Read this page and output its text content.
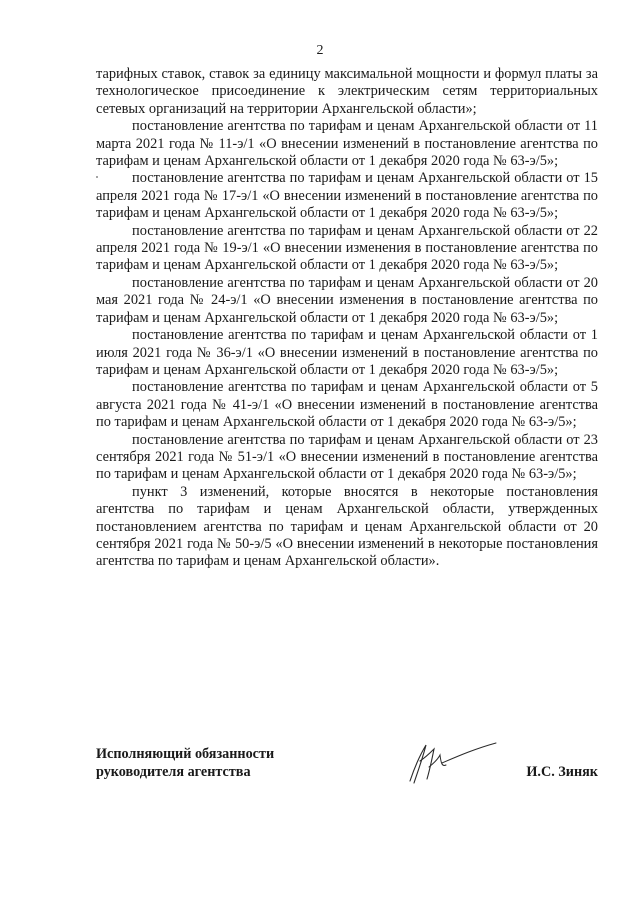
2

тарифных ставок, ставок за единицу максимальной мощности и формул платы за технологическое присоединение к электрическим сетям территориальных сетевых организаций на территории Архангельской области»;

постановление агентства по тарифам и ценам Архангельской области от 11 марта 2021 года № 11-э/1 «О внесении изменений в постановление агентства по тарифам и ценам Архангельской области от 1 декабря 2020 года № 63-э/5»;

постановление агентства по тарифам и ценам Архангельской области от 15 апреля 2021 года № 17-э/1 «О внесении изменений в постановление агентства по тарифам и ценам Архангельской области от 1 декабря 2020 года № 63-э/5»;

постановление агентства по тарифам и ценам Архангельской области от 22 апреля 2021 года № 19-э/1 «О внесении изменения в постановление агентства по тарифам и ценам Архангельской области от 1 декабря 2020 года № 63-э/5»;

постановление агентства по тарифам и ценам Архангельской области от 20 мая 2021 года № 24-э/1 «О внесении изменения в постановление агентства по тарифам и ценам Архангельской области от 1 декабря 2020 года № 63-э/5»;

постановление агентства по тарифам и ценам Архангельской области от 1 июля 2021 года № 36-э/1 «О внесении изменений в постановление агентства по тарифам и ценам Архангельской области от 1 декабря 2020 года № 63-э/5»;

постановление агентства по тарифам и ценам Архангельской области от 5 августа 2021 года № 41-э/1 «О внесении изменений в постановление агентства по тарифам и ценам Архангельской области от 1 декабря 2020 года № 63-э/5»;

постановление агентства по тарифам и ценам Архангельской области от 23 сентября 2021 года № 51-э/1 «О внесении изменений в постановление агентства по тарифам и ценам Архангельской области от 1 декабря 2020 года № 63-э/5»;

пункт 3 изменений, которые вносятся в некоторые постановления агентства по тарифам и ценам Архангельской области, утвержденных постановлением агентства по тарифам и ценам Архангельской области от 20 сентября 2021 года № 50-э/5 «О внесении изменений в некоторые постановления агентства по тарифам и ценам Архангельской области».

Исполняющий обязанности
руководителя агентства	И.С. Зиняк
